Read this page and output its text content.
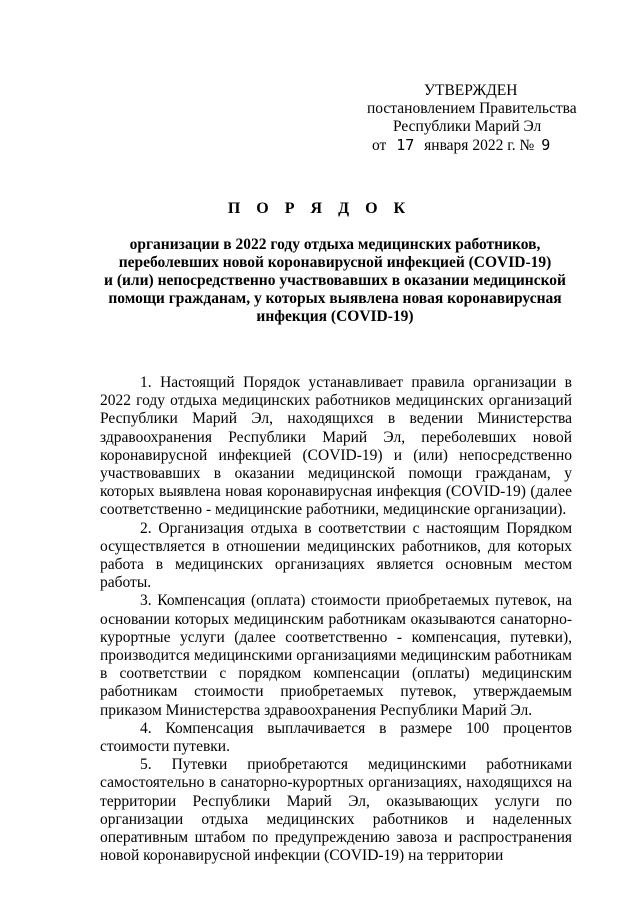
УТВЕРЖДЕН
постановлением Правительства
Республики Марий Эл
от 17 января 2022 г. № 9
П О Р Я Д О К
организации в 2022 году отдыха медицинских работников,
переболевших новой коронавирусной инфекцией (COVID-19)
и (или) непосредственно участвовавших в оказании медицинской
помощи гражданам, у которых выявлена новая коронавирусная
инфекция (COVID-19)

1. Настоящий Порядок устанавливает правила организации в 2022 году отдыха медицинских работников медицинских организаций Республики Марий Эл, находящихся в ведении Министерства здравоохранения Республики Марий Эл, переболевших новой коронавирусной инфекцией (COVID-19) и (или) непосредственно участвовавших в оказании медицинской помощи гражданам, у которых выявлена новая коронавирусная инфекция (COVID-19) (далее соответственно - медицинские работники, медицинские организации).

2. Организация отдыха в соответствии с настоящим Порядком осуществляется в отношении медицинских работников, для которых работа в медицинских организациях является основным местом работы.

3. Компенсация (оплата) стоимости приобретаемых путевок, на основании которых медицинским работникам оказываются санаторно-курортные услуги (далее соответственно - компенсация, путевки), производится медицинскими организациями медицинским работникам в соответствии с порядком компенсации (оплаты) медицинским работникам стоимости приобретаемых путевок, утверждаемым приказом Министерства здравоохранения Республики Марий Эл.

4. Компенсация выплачивается в размере 100 процентов стоимости путевки.

5. Путевки приобретаются медицинскими работниками самостоятельно в санаторно-курортных организациях, находящихся на территории Республики Марий Эл, оказывающих услуги по организации отдыха медицинских работников и наделенных оперативным штабом по предупреждению завоза и распространения новой коронавирусной инфекции (COVID-19) на территории
